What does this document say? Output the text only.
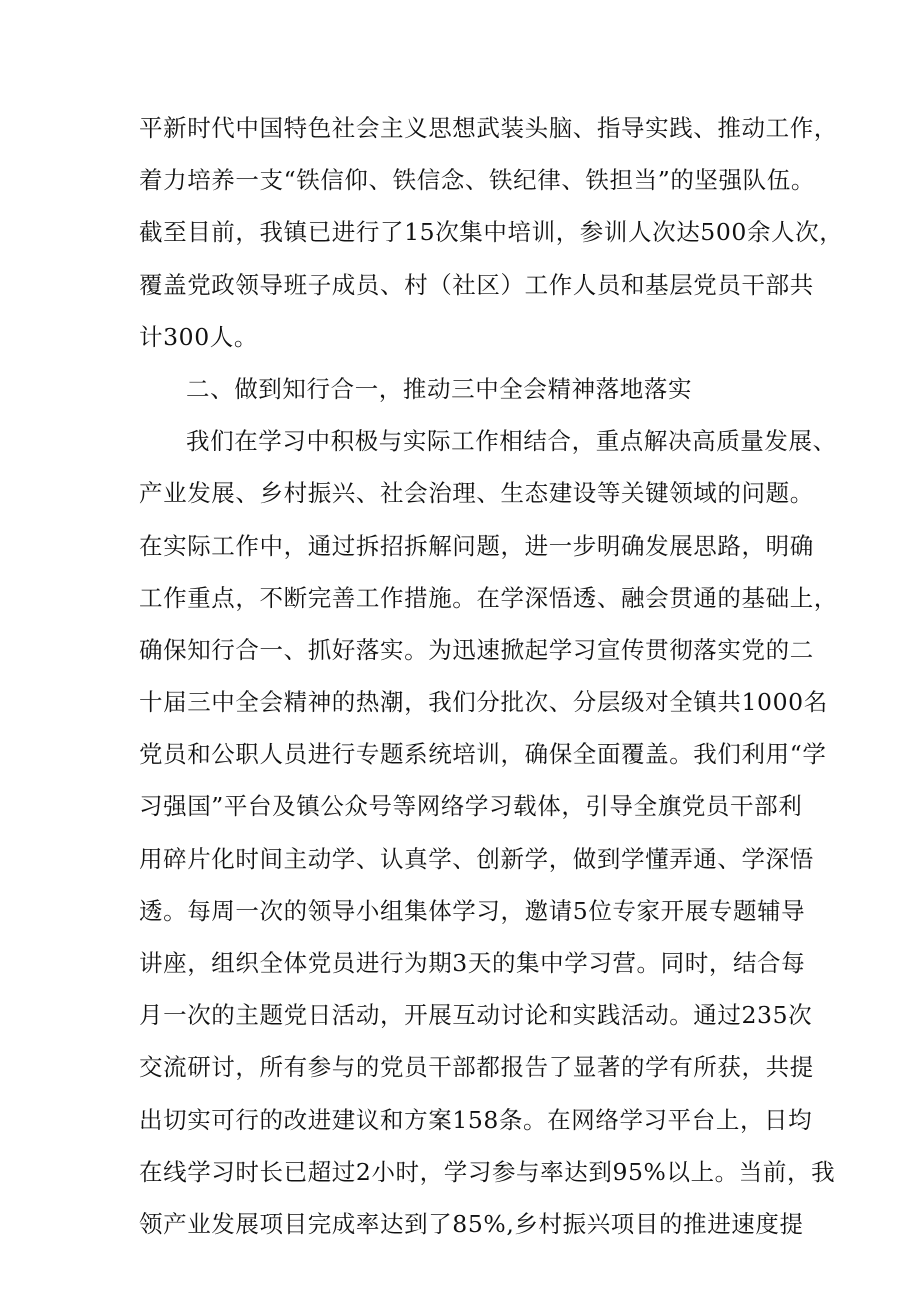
平新时代中国特色社会主义思想武装头脑、指导实践、推动工作，
着力培养一支“铁信仰、铁信念、铁纪律、铁担当”的坚强队伍。
截至目前，我镇已进行了15次集中培训，参训人次达500余人次，
覆盖党政领导班子成员、村（社区）工作人员和基层党员干部共
计300人。
二、做到知行合一，推动三中全会精神落地落实
我们在学习中积极与实际工作相结合，重点解决高质量发展、
产业发展、乡村振兴、社会治理、生态建设等关键领域的问题。
在实际工作中，通过拆招拆解问题，进一步明确发展思路，明确
工作重点，不断完善工作措施。在学深悟透、融会贯通的基础上，
确保知行合一、抓好落实。为迅速掀起学习宣传贯彻落实党的二
十届三中全会精神的热潮，我们分批次、分层级对全镇共1000名
党员和公职人员进行专题系统培训，确保全面覆盖。我们利用“学
习强国”平台及镇公众号等网络学习载体，引导全旗党员干部利
用碎片化时间主动学、认真学、创新学，做到学懂弄通、学深悟
透。每周一次的领导小组集体学习，邀请5位专家开展专题辅导
讲座，组织全体党员进行为期3天的集中学习营。同时，结合每
月一次的主题党日活动，开展互动讨论和实践活动。通过235次
交流研讨，所有参与的党员干部都报告了显著的学有所获，共提
出切实可行的改进建议和方案158条。在网络学习平台上，日均
在线学习时长已超过2小时，学习参与率达到95%以上。当前，我
领产业发展项目完成率达到了85%,乡村振兴项目的推进速度提
